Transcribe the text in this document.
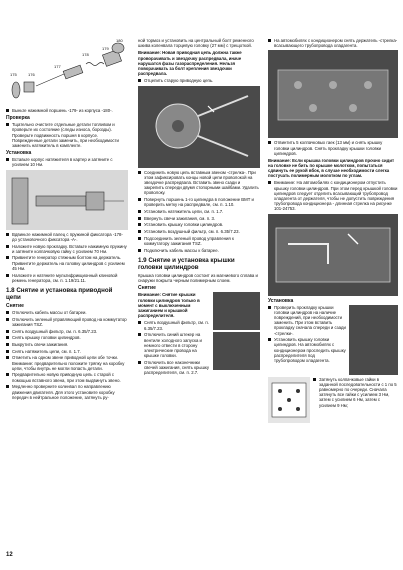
175	176
177
178
179
180
Выньте нажимной поршень -179- из корпуса -180-.
Проверка
Тщательно очистите отдельные детали топливом и проверьте их состояние (следы износа, борозды). Проверьте подвижность поршня в корпусе. Поврежденные детали заменить, при необходимости заменить натяжитель в комплекте.
Установка
Вставьте корпус натяжителя в картер и затяните с усилием 10 Нм.
Вдвиньте нажимной палец с пружиной фиксатора -178- до установочного фиксатора -А-.
Наложите новую прокладку. Вставьте нажимную пружину и затяните колпачковую гайку с усилием 70 Нм.
Привинтите генератор стяжным болтом на держатель. Привинтите держатель на головку цилиндров с усилием 45 Нм.
Наложите и натяните мультифрикционный клиновой ремень генератора, см. п. 1.19/21.11.
1.8 Снятие и установка приводной цепи
Снятие
Отключить кабель массы от батареи.
Отключить зеленый управляющий провод на коммутатор зажигания TSZ.
Снять воздушный фильтр, см. п. 6.35/7.23.
Снять крышку головки цилиндров.
Выкрутить свечи зажигания.
Снять натяжитель цепи, см. п. 1.7.
Отметить на одном звене приводной цепи обе точки. Внимание: предварительно положите тряпку на коробку цепи, чтобы внутрь не могли попасть детали.
Предварительно новую приводную цепь с старой с помощью вставного звена, при этом выдвинуть звено.
Медленно проверните коленвал по направлению движения двигателя. Для этого установите коробку передач в нейтральное положение, затянуть ру-
ной тормоз и установить на центральный болт ременного шкива коленвала торцевую головку (27 мм) с трещоткой.
Внимание: Новая приводная цепь должна также проворачивать и звездочку распредвала, иначе нарушатся фазы газораспределения. Нельзя поворачивать за болт крепления звездочки распредвала.
Отцепить старую приводную цепь.
Соединить новую цепь вставным звеном -стрелка-. При этом зафиксировать концы новой цепи проволокой на звездочке распредвала. Вставить звено сзади и закрепить спереди двумя стопорными шайбами. Удалить проволоку.
Повернуть поршень 1-го цилиндра в положение ВМТ и проверить метку на распредвале, см. п. 1.10.
Установить натяжитель цепи, см. п. 1.7.
Ввернуть свечи зажигания, см. п. 3.
Установить крышку головки цилиндров.
Установить воздушный фильтр, см. п. 6.35/7.23.
Подсоединить зеленый провод управления к коммутатору зажигания TSZ.
Подключить кабель массы к батарее.
1.9 Снятие и установка крышки головки цилиндров
Крышка головки цилиндров состоит из магниевого сплава и снаружи покрыта черным полимерным слоем.
Снятие
Внимание: Снятие крышки головки цилиндров только в момент с выключенным зажиганием и крышкой распределителя.
Снять воздушный фильтр, см. п. 6.35/7.23.
Отключить синий штекер на вентиле холодного запуска и немного отвести в сторону электрические провода на крышке головки.
Отключить все наконечники свечей зажигания, снять крышку распределителя, см. п. 2.7.
На автомобилях с кондиционером снять держатель -стрелка- всасывающего трубопровода хладагента.
Отвинтить 5 колпачковых гаек (13 мм) и снять крышку головки цилиндров. Снять прокладку крышки головки цилиндров.
Внимание: Если крышка головки цилиндров прочно сидит на головке не бить по крышке молотком, попытаться сдвинуть ее рукой вбок, в случае необходимости слегка постучать полимерным молотком по углам.
Внимание: На автомобилях с кондиционером отпустить крышку головки цилиндров. При этом перед крышкой головки цилиндров следует отделить всасывающий трубопровод хладагента от держателя, чтобы не допустить повреждения трубопровода кондиционера - длинная стрелка на рисунке 101-24753.
Установка
Проверить прокладку крышки головки цилиндров на наличие повреждений, при необходимости заменить. При этом вставить прокладку сначала спереди и сзади -стрелки-.
Установить крышку головки цилиндров. На автомобилях с кондиционером проследить крышку распределителя под трубопроводом хладагента.
Затянуть колпачковые гайки в заданной последовательности с 1 по 5 равномерно по очереди. Сначала затянуть все гайки с усилием 3 Нм, затем с усилием 6 Нм, затем с усилием 9 Нм;
12
